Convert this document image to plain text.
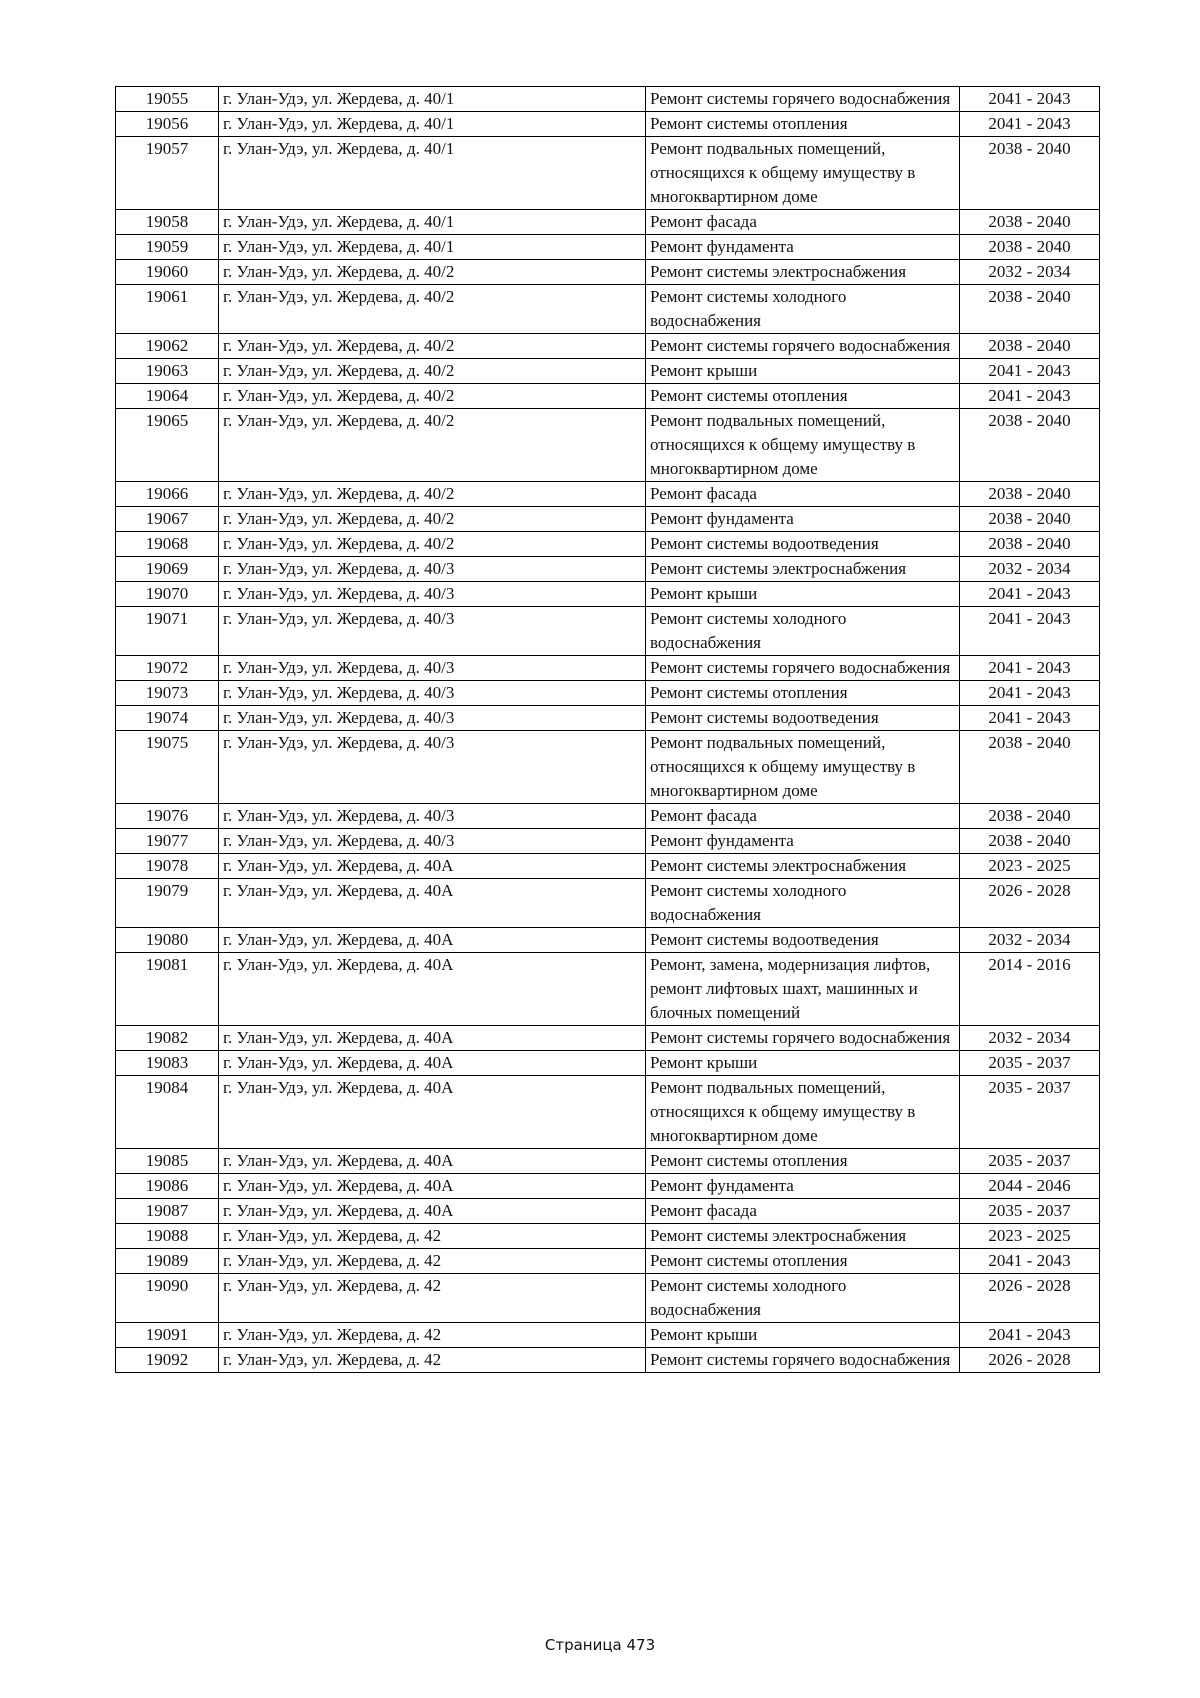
19055	г. Улан-Удэ, ул. Жердева, д. 40/1	Ремонт системы горячего водоснабжения	2041 - 2043
19056	г. Улан-Удэ, ул. Жердева, д. 40/1	Ремонт системы отопления	2041 - 2043
19057	г. Улан-Удэ, ул. Жердева, д. 40/1	Ремонт подвальных помещений, относящихся к общему имуществу в многоквартирном доме	2038 - 2040
19058	г. Улан-Удэ, ул. Жердева, д. 40/1	Ремонт фасада	2038 - 2040
19059	г. Улан-Удэ, ул. Жердева, д. 40/1	Ремонт фундамента	2038 - 2040
19060	г. Улан-Удэ, ул. Жердева, д. 40/2	Ремонт системы электроснабжения	2032 - 2034
19061	г. Улан-Удэ, ул. Жердева, д. 40/2	Ремонт системы холодного водоснабжения	2038 - 2040
19062	г. Улан-Удэ, ул. Жердева, д. 40/2	Ремонт системы горячего водоснабжения	2038 - 2040
19063	г. Улан-Удэ, ул. Жердева, д. 40/2	Ремонт крыши	2041 - 2043
19064	г. Улан-Удэ, ул. Жердева, д. 40/2	Ремонт системы отопления	2041 - 2043
19065	г. Улан-Удэ, ул. Жердева, д. 40/2	Ремонт подвальных помещений, относящихся к общему имуществу в многоквартирном доме	2038 - 2040
19066	г. Улан-Удэ, ул. Жердева, д. 40/2	Ремонт фасада	2038 - 2040
19067	г. Улан-Удэ, ул. Жердева, д. 40/2	Ремонт фундамента	2038 - 2040
19068	г. Улан-Удэ, ул. Жердева, д. 40/2	Ремонт системы водоотведения	2038 - 2040
19069	г. Улан-Удэ, ул. Жердева, д. 40/3	Ремонт системы электроснабжения	2032 - 2034
19070	г. Улан-Удэ, ул. Жердева, д. 40/3	Ремонт крыши	2041 - 2043
19071	г. Улан-Удэ, ул. Жердева, д. 40/3	Ремонт системы холодного водоснабжения	2041 - 2043
19072	г. Улан-Удэ, ул. Жердева, д. 40/3	Ремонт системы горячего водоснабжения	2041 - 2043
19073	г. Улан-Удэ, ул. Жердева, д. 40/3	Ремонт системы отопления	2041 - 2043
19074	г. Улан-Удэ, ул. Жердева, д. 40/3	Ремонт системы водоотведения	2041 - 2043
19075	г. Улан-Удэ, ул. Жердева, д. 40/3	Ремонт подвальных помещений, относящихся к общему имуществу в многоквартирном доме	2038 - 2040
19076	г. Улан-Удэ, ул. Жердева, д. 40/3	Ремонт фасада	2038 - 2040
19077	г. Улан-Удэ, ул. Жердева, д. 40/3	Ремонт фундамента	2038 - 2040
19078	г. Улан-Удэ, ул. Жердева, д. 40А	Ремонт системы электроснабжения	2023 - 2025
19079	г. Улан-Удэ, ул. Жердева, д. 40А	Ремонт системы холодного водоснабжения	2026 - 2028
19080	г. Улан-Удэ, ул. Жердева, д. 40А	Ремонт системы водоотведения	2032 - 2034
19081	г. Улан-Удэ, ул. Жердева, д. 40А	Ремонт, замена, модернизация лифтов, ремонт лифтовых шахт, машинных и блочных помещений	2014 - 2016
19082	г. Улан-Удэ, ул. Жердева, д. 40А	Ремонт системы горячего водоснабжения	2032 - 2034
19083	г. Улан-Удэ, ул. Жердева, д. 40А	Ремонт крыши	2035 - 2037
19084	г. Улан-Удэ, ул. Жердева, д. 40А	Ремонт подвальных помещений, относящихся к общему имуществу в многоквартирном доме	2035 - 2037
19085	г. Улан-Удэ, ул. Жердева, д. 40А	Ремонт системы отопления	2035 - 2037
19086	г. Улан-Удэ, ул. Жердева, д. 40А	Ремонт фундамента	2044 - 2046
19087	г. Улан-Удэ, ул. Жердева, д. 40А	Ремонт фасада	2035 - 2037
19088	г. Улан-Удэ, ул. Жердева, д. 42	Ремонт системы электроснабжения	2023 - 2025
19089	г. Улан-Удэ, ул. Жердева, д. 42	Ремонт системы отопления	2041 - 2043
19090	г. Улан-Удэ, ул. Жердева, д. 42	Ремонт системы холодного водоснабжения	2026 - 2028
19091	г. Улан-Удэ, ул. Жердева, д. 42	Ремонт крыши	2041 - 2043
19092	г. Улан-Удэ, ул. Жердева, д. 42	Ремонт системы горячего водоснабжения	2026 - 2028
Страница 473
